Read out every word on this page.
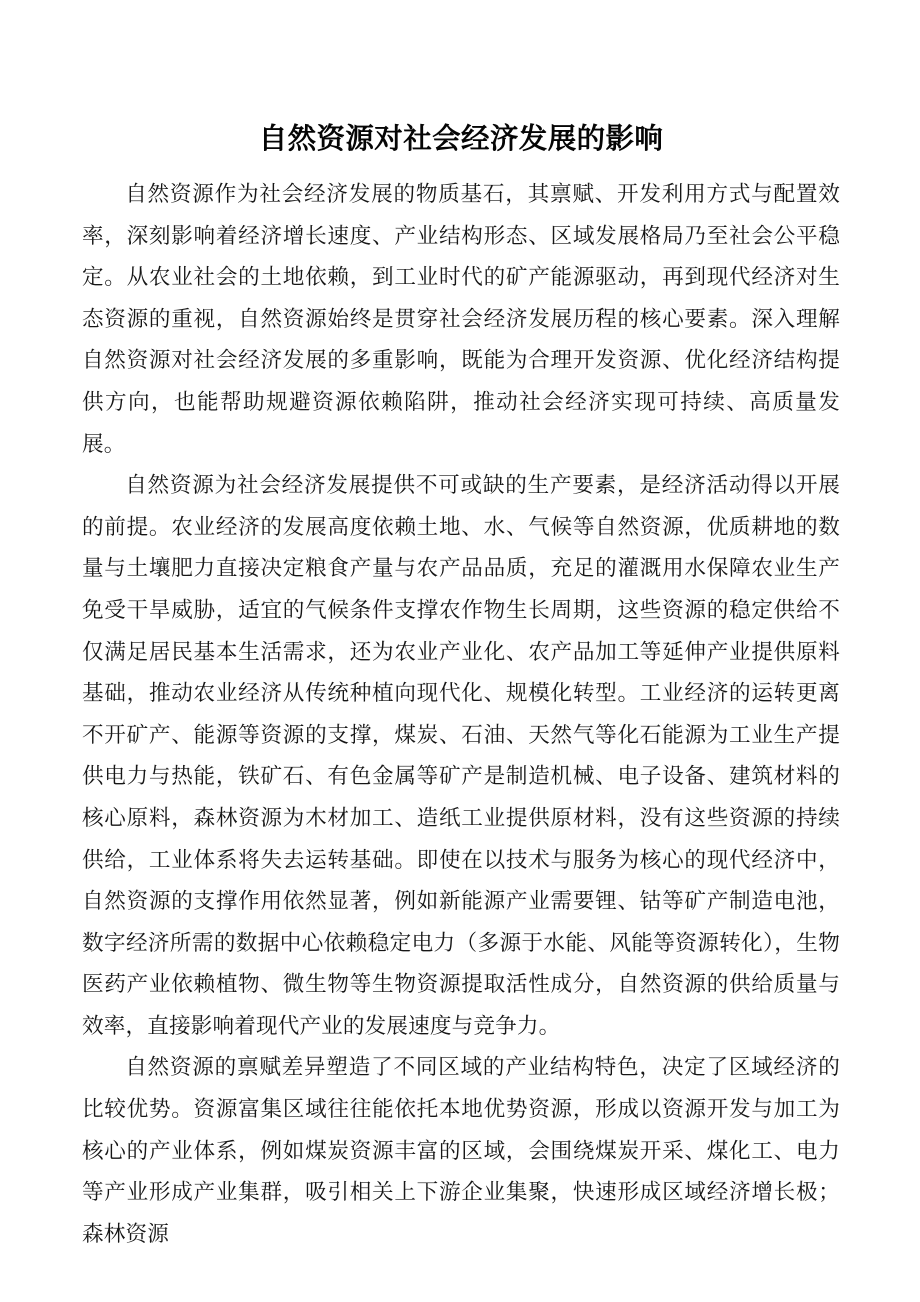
自然资源对社会经济发展的影响

自然资源作为社会经济发展的物质基石，其禀赋、开发利用方式与配置效率，深刻影响着经济增长速度、产业结构形态、区域发展格局乃至社会公平稳定。从农业社会的土地依赖，到工业时代的矿产能源驱动，再到现代经济对生态资源的重视，自然资源始终是贯穿社会经济发展历程的核心要素。深入理解自然资源对社会经济发展的多重影响，既能为合理开发资源、优化经济结构提供方向，也能帮助规避资源依赖陷阱，推动社会经济实现可持续、高质量发展。

自然资源为社会经济发展提供不可或缺的生产要素，是经济活动得以开展的前提。农业经济的发展高度依赖土地、水、气候等自然资源，优质耕地的数量与土壤肥力直接决定粮食产量与农产品品质，充足的灌溉用水保障农业生产免受干旱威胁，适宜的气候条件支撑农作物生长周期，这些资源的稳定供给不仅满足居民基本生活需求，还为农业产业化、农产品加工等延伸产业提供原料基础，推动农业经济从传统种植向现代化、规模化转型。工业经济的运转更离不开矿产、能源等资源的支撑，煤炭、石油、天然气等化石能源为工业生产提供电力与热能，铁矿石、有色金属等矿产是制造机械、电子设备、建筑材料的核心原料，森林资源为木材加工、造纸工业提供原材料，没有这些资源的持续供给，工业体系将失去运转基础。即使在以技术与服务为核心的现代经济中，自然资源的支撑作用依然显著，例如新能源产业需要锂、钴等矿产制造电池，数字经济所需的数据中心依赖稳定电力（多源于水能、风能等资源转化），生物医药产业依赖植物、微生物等生物资源提取活性成分，自然资源的供给质量与效率，直接影响着现代产业的发展速度与竞争力。

自然资源的禀赋差异塑造了不同区域的产业结构特色，决定了区域经济的比较优势。资源富集区域往往能依托本地优势资源，形成以资源开发与加工为核心的产业体系，例如煤炭资源丰富的区域，会围绕煤炭开采、煤化工、电力等产业形成产业集群，吸引相关上下游企业集聚，快速形成区域经济增长极；森林资源
